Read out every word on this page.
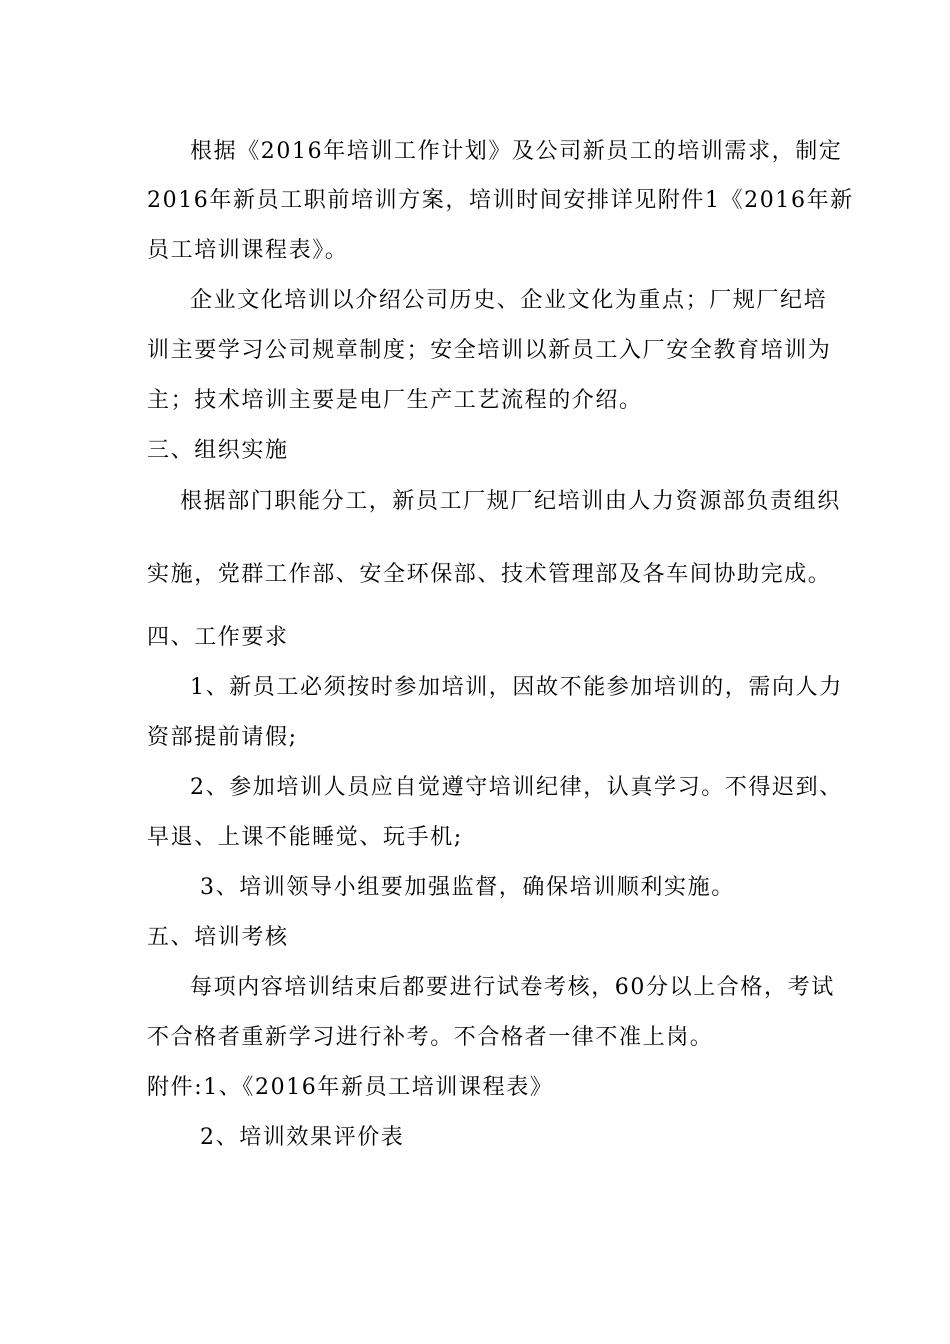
根据《2016年培训工作计划》及公司新员工的培训需求，制定
2016年新员工职前培训方案，培训时间安排详见附件1《2016年新
员工培训课程表》。
企业文化培训以介绍公司历史、企业文化为重点；厂规厂纪培
训主要学习公司规章制度；安全培训以新员工入厂安全教育培训为
主；技术培训主要是电厂生产工艺流程的介绍。
三、组织实施
根据部门职能分工，新员工厂规厂纪培训由人力资源部负责组织
实施，党群工作部、安全环保部、技术管理部及各车间协助完成。
四、工作要求
1、新员工必须按时参加培训，因故不能参加培训的，需向人力
资部提前请假;
2、参加培训人员应自觉遵守培训纪律，认真学习。不得迟到、
早退、上课不能睡觉、玩手机;
3、培训领导小组要加强监督，确保培训顺利实施。
五、培训考核
每项内容培训结束后都要进行试卷考核，60分以上合格，考试
不合格者重新学习进行补考。不合格者一律不准上岗。
附件:1、《2016年新员工培训课程表》
2、培训效果评价表
